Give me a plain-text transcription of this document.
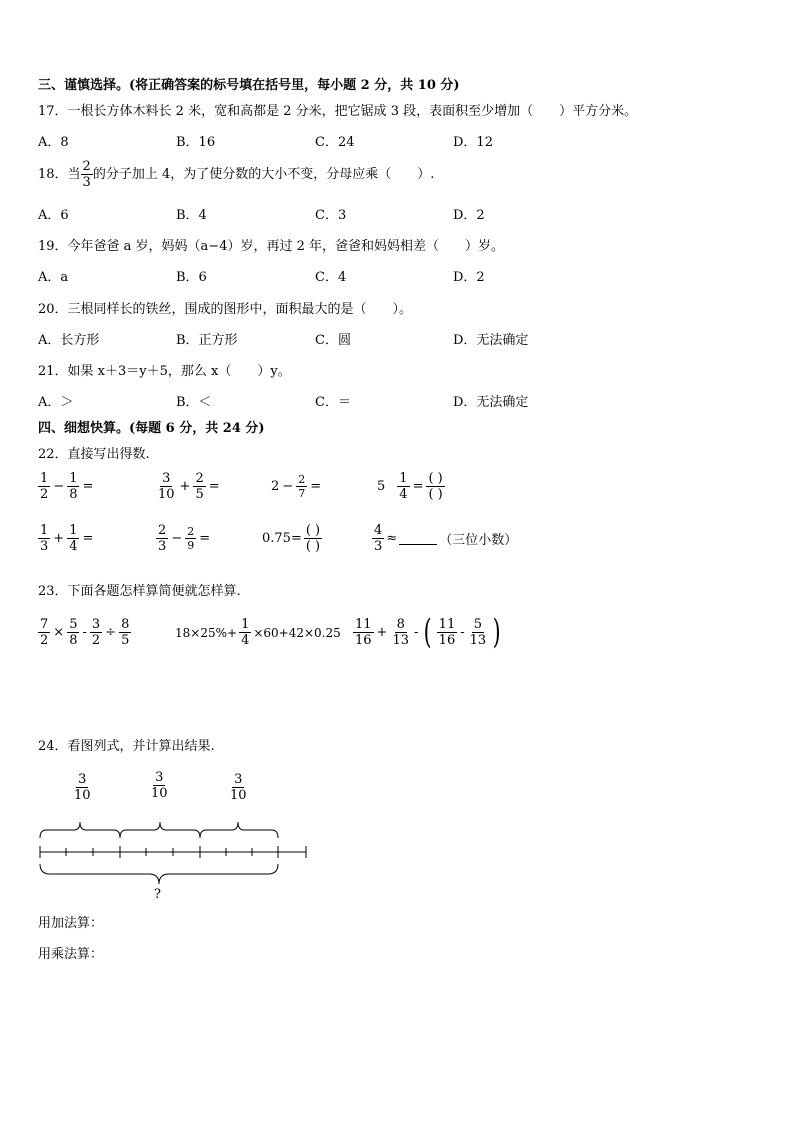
三、谨慎选择。(将正确答案的标号填在括号里，每小题 2 分，共 10 分)
17．一根长方体木料长 2 米，宽和高都是 2 分米，把它锯成 3 段，表面积至少增加（　　）平方分米。
A．8	B．16	C．24	D．12
18．当 $\frac{2}{3}$ 的分子加上 4，为了使分数的大小不变，分母应乘（　　）.
A．6	B．4	C．3	D．2
19．今年爸爸 a 岁，妈妈（a−4）岁，再过 2 年，爸爸和妈妈相差（　　）岁。
A．a	B．6	C．4	D．2
20．三根同样长的铁丝，围成的图形中，面积最大的是（　　）。
A．长方形	B．正方形	C．圆	D．无法确定
21．如果 x＋3＝y＋5，那么 x（　　）y。
A．＞	B．＜	C．＝	D．无法确定
四、细想快算。(每题 6 分，共 24 分)
22．直接写出得数.
$\frac{1}{2} - \frac{1}{8}$ =	$\frac{3}{10} + \frac{2}{5}$ =	$2 - \frac{2}{7}$ =	$5 \frac{1}{4} = \frac{( )}{( )}$
$\frac{1}{3} + \frac{1}{4}$ =	$\frac{2}{3} - \frac{2}{9}$ =	$0.75= \frac{( )}{( )}$	$\frac{4}{3}$ ≈	（三位小数）
23．下面各题怎样算简便就怎样算.
$\frac{7}{2} \times \frac{5}{8} - \frac{3}{2} \div \frac{8}{5}$	$18\times 25\%+ \frac{1}{4} \times 60+42\times 0.25 \frac{11}{16} + \frac{8}{13}$ - ( $\frac{11}{16} - \frac{5}{13}$ )
24．看图列式，并计算出结果.
$\frac{3}{10}$	$\frac{3}{10}$	$\frac{3}{10}$
?
用加法算：
用乘法算：
